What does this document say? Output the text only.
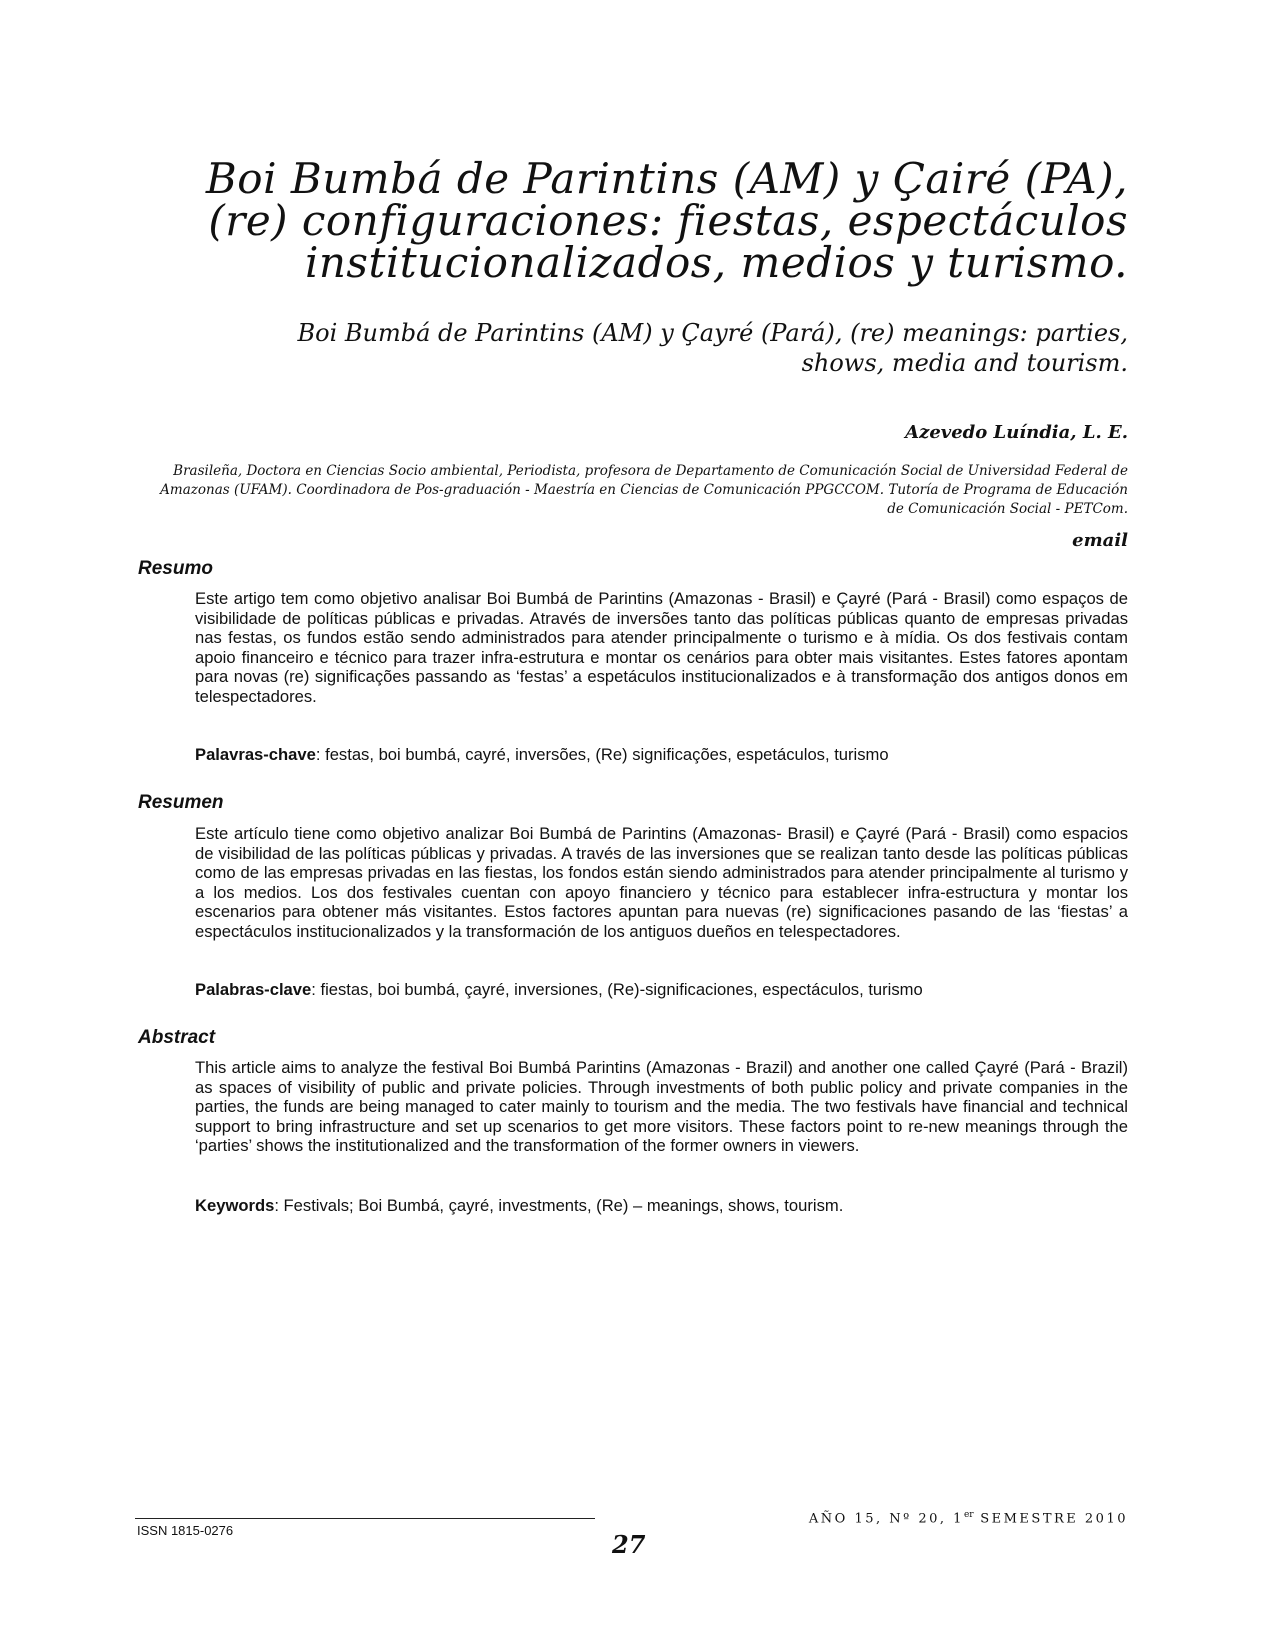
Boi Bumbá de Parintins (AM) y Çairé (PA),
(re) configuraciones: fiestas, espectáculos
institucionalizados, medios y turismo.
Boi Bumbá de Parintins (AM) y Çayré (Pará), (re) meanings: parties,
shows, media and tourism.
Azevedo Luíndia, L. E.
Brasileña, Doctora en Ciencias Socio ambiental, Periodista, profesora de Departamento de Comunicación Social de Universidad Federal de Amazonas (UFAM). Coordinadora de Pos-graduación - Maestría en Ciencias de Comunicación PPGCCOM. Tutoría de Programa de Educación de Comunicación Social - PETCom.
email
Resumo
Este artigo tem como objetivo analisar Boi Bumbá de Parintins (Amazonas - Brasil) e Çayré (Pará - Brasil) como espaços de visibilidade de políticas públicas e privadas. Através de inversões tanto das políticas públicas quanto de empresas privadas nas festas, os fundos estão sendo administrados para atender principalmente o turismo e à mídia. Os dos festivais contam apoio financeiro e técnico para trazer infra-estrutura e montar os cenários para obter mais visitantes. Estes fatores apontam para novas (re) significações passando as ‘festas’ a espetáculos institucionalizados e à transformação dos antigos donos em telespectadores.
Palavras-chave: festas, boi bumbá, cayré, inversões, (Re) significações, espetáculos, turismo
Resumen
Este artículo tiene como objetivo analizar Boi Bumbá de Parintins (Amazonas- Brasil) e Çayré (Pará - Brasil) como espacios de visibilidad de las políticas públicas y privadas. A través de las inversiones que se realizan tanto desde las políticas públicas como de las empresas privadas en las fiestas, los fondos están siendo administrados para atender principalmente al turismo y a los medios. Los dos festivales cuentan con apoyo financiero y técnico para establecer infra-estructura y montar los escenarios para obtener más visitantes. Estos factores apuntan para nuevas (re) significaciones pasando de las ‘fiestas’ a espectáculos institucionalizados y la transformación de los antiguos dueños en telespectadores.
Palabras-clave: fiestas, boi bumbá, çayré, inversiones, (Re)-significaciones, espectáculos, turismo
Abstract
This article aims to analyze the festival Boi Bumbá Parintins (Amazonas - Brazil) and another one called Çayré (Pará - Brazil) as spaces of visibility of public and private policies. Through investments of both public policy and private companies in the parties, the funds are being managed to cater mainly to tourism and the media. The two festivals have financial and technical support to bring infrastructure and set up scenarios to get more visitors. These factors point to re-new meanings through the ‘parties’ shows the institutionalized and the transformation of the former owners in viewers.
Keywords: Festivals; Boi Bumbá, çayré, investments, (Re) – meanings, shows, tourism.
ISSN 1815-0276
AÑO 15, Nº 20, 1er SEMESTRE 2010
27
